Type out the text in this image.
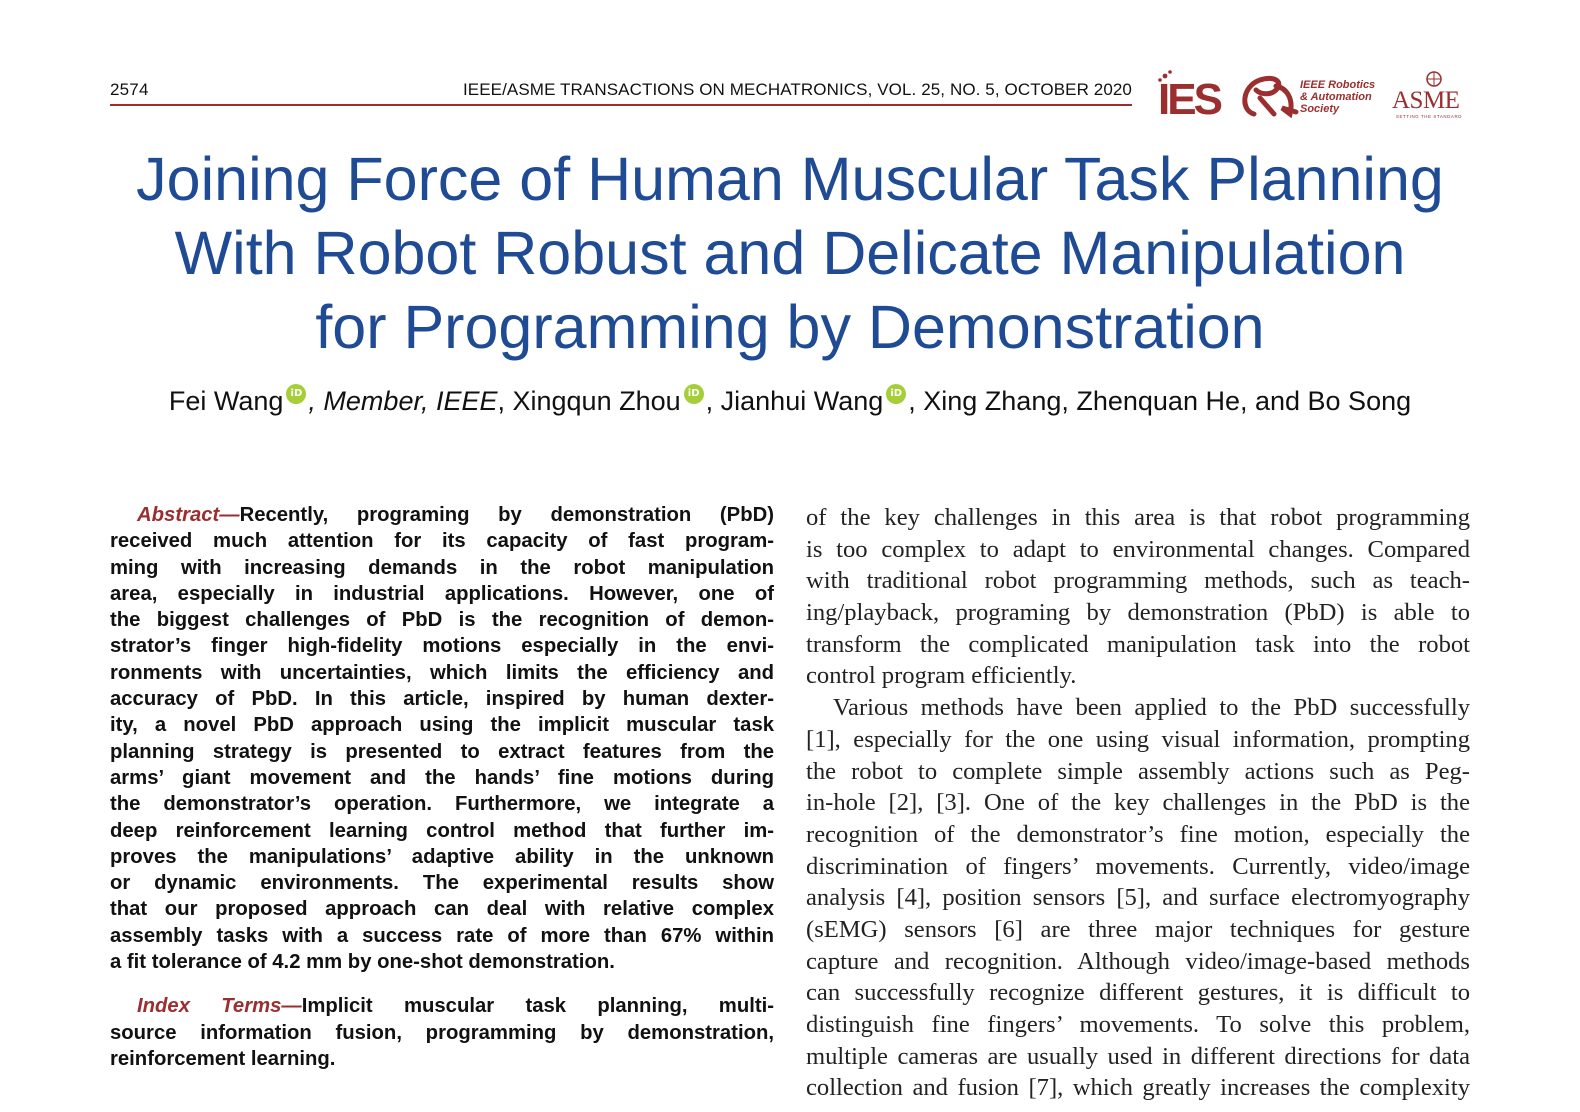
2574	IEEE/ASME TRANSACTIONS ON MECHATRONICS, VOL. 25, NO. 5, OCTOBER 2020 IES	IEEE Robotics
& Automation
Society ASME
SETTING THE STANDARD
Joining Force of Human Muscular Task Planning
With Robot Robust and Delicate Manipulation
for Programming by Demonstration
Fei Wang iD , Member, IEEE, Xingqun Zhou iD , Jianhui Wang iD , Xing Zhang, Zhenquan He, and Bo Song
Abstract—Recently, programing by demonstration (PbD)
received much attention for its capacity of fast program-
ming with increasing demands in the robot manipulation
area, especially in industrial applications. However, one of
the biggest challenges of PbD is the recognition of demon-
strator’s finger high-fidelity motions especially in the envi-
ronments with uncertainties, which limits the efficiency and
accuracy of PbD. In this article, inspired by human dexter-
ity, a novel PbD approach using the implicit muscular task
planning strategy is presented to extract features from the
arms’ giant movement and the hands’ fine motions during
the demonstrator’s operation. Furthermore, we integrate a
deep reinforcement learning control method that further im-
proves the manipulations’ adaptive ability in the unknown
or dynamic environments. The experimental results show
that our proposed approach can deal with relative complex
assembly tasks with a success rate of more than 67% within
a fit tolerance of 4.2 mm by one-shot demonstration.
Index Terms—Implicit muscular task planning, multi-
source information fusion, programming by demonstration,
reinforcement learning.
of the key challenges in this area is that robot programming
is too complex to adapt to environmental changes. Compared
with traditional robot programming methods, such as teach-
ing/playback, programing by demonstration (PbD) is able to
transform the complicated manipulation task into the robot
control program efficiently.
Various methods have been applied to the PbD successfully
[1], especially for the one using visual information, prompting
the robot to complete simple assembly actions such as Peg-
in-hole [2], [3]. One of the key challenges in the PbD is the
recognition of the demonstrator’s fine motion, especially the
discrimination of fingers’ movements. Currently, video/image
analysis [4], position sensors [5], and surface electromyography
(sEMG) sensors [6] are three major techniques for gesture
capture and recognition. Although video/image-based methods
can successfully recognize different gestures, it is difficult to
distinguish fine fingers’ movements. To solve this problem,
multiple cameras are usually used in different directions for data
collection and fusion [7], which greatly increases the complexity
